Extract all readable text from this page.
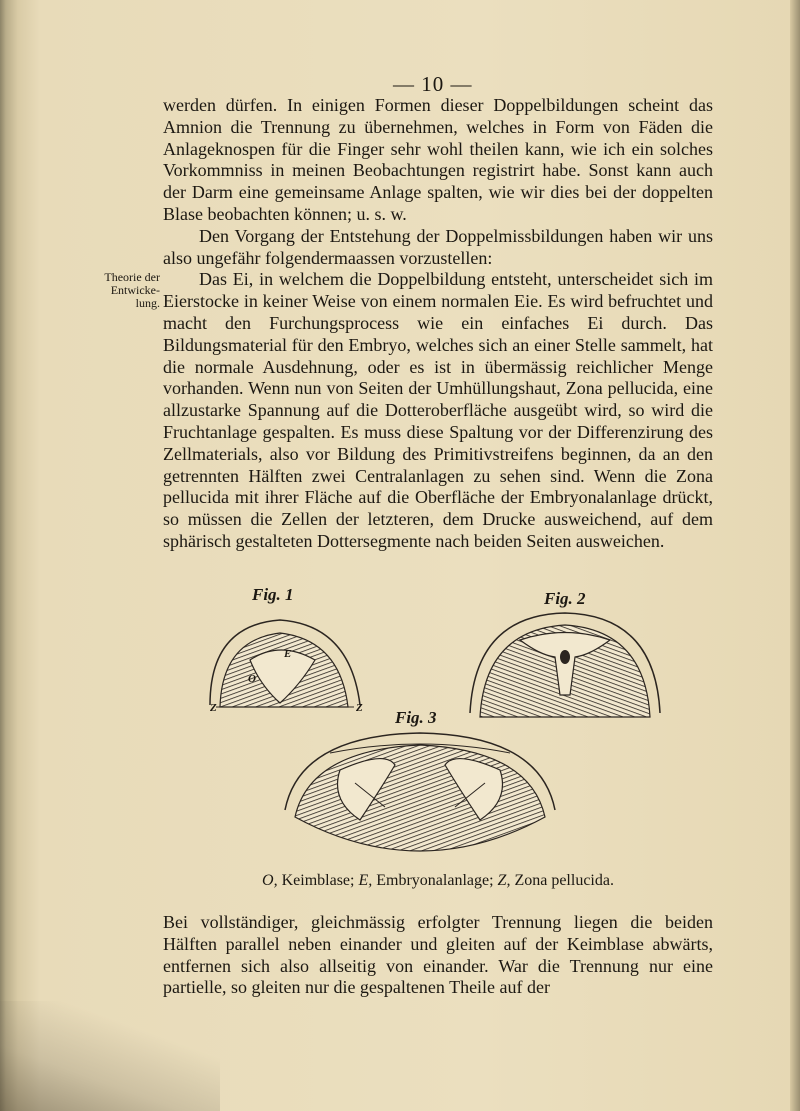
— 10 —
Theorie der Entwicke-lung.

werden dürfen. In einigen Formen dieser Doppelbildungen scheint das Amnion die Trennung zu übernehmen, welches in Form von Fäden die Anlageknospen für die Finger sehr wohl theilen kann, wie ich ein solches Vorkommniss in meinen Beobachtungen registrirt habe. Sonst kann auch der Darm eine gemeinsame Anlage spalten, wie wir dies bei der doppelten Blase beobachten können; u. s. w.

Den Vorgang der Entstehung der Doppelmissbildungen haben wir uns also ungefähr folgendermaassen vorzustellen:

Das Ei, in welchem die Doppelbildung entsteht, unterscheidet sich im Eierstocke in keiner Weise von einem normalen Eie. Es wird befruchtet und macht den Furchungsprocess wie ein einfaches Ei durch. Das Bildungsmaterial für den Embryo, welches sich an einer Stelle sammelt, hat die normale Ausdehnung, oder es ist in übermässig reichlicher Menge vorhanden. Wenn nun von Seiten der Umhüllungshaut, Zona pellucida, eine allzustarke Spannung auf die Dotteroberfläche ausgeübt wird, so wird die Fruchtanlage gespalten. Es muss diese Spaltung vor der Differenzirung des Zellmaterials, also vor Bildung des Primitivstreifens beginnen, da an den getrennten Hälften zwei Centralanlagen zu sehen sind. Wenn die Zona pellucida mit ihrer Fläche auf die Oberfläche der Embryonalanlage drückt, so müssen die Zellen der letzteren, dem Drucke ausweichend, auf dem sphärisch gestalteten Dottersegmente nach beiden Seiten ausweichen.

Fig. 1	Fig. 2
Fig. 3
E
O
Z	Z
O, Keimblase; E, Embryonalanlage; Z, Zona pellucida.

Bei vollständiger, gleichmässig erfolgter Trennung liegen die beiden Hälften parallel neben einander und gleiten auf der Keimblase abwärts, entfernen sich also allseitig von einander. War die Trennung nur eine partielle, so gleiten nur die gespaltenen Theile auf der
